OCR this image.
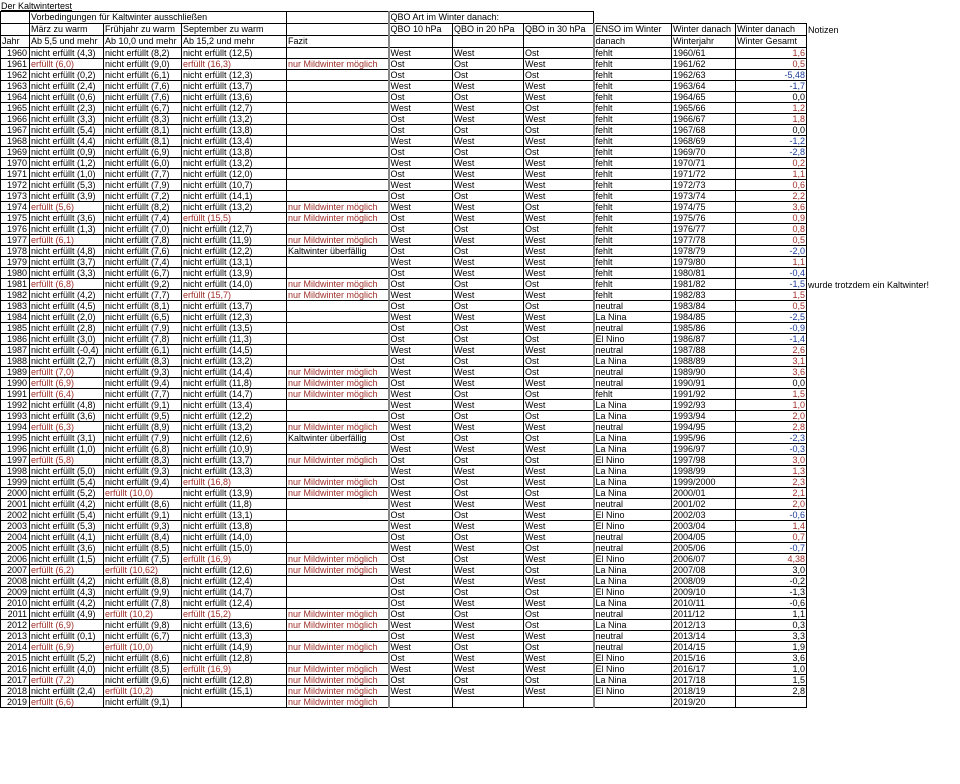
Der Kaltwintertest
	Vorbedingungen für Kaltwinter ausschließen				QBO Art im Winter danach:						
	März zu warm	Frühjahr zu warm	September zu warm		QBO 10 hPa	QBO in 20 hPa	QBO in 30 hPa	ENSO im Winter	Winter danach	Winter danach	Notizen
Jahr	Ab 5,5 und mehr	Ab 10,0 und mehr	Ab 15,2 und mehr	Fazit				danach	Winterjahr	Winter Gesamt	
1960	nicht erfüllt (4,3)	nicht erfüllt (8,2)	nicht erfüllt (12,5)		West	West	Ost	fehlt	1960/61	1,6	
1961	erfüllt (6,0)	nicht erfüllt (9,0)	erfüllt (16,3)	nur Mildwinter möglich	Ost	Ost	West	fehlt	1961/62	0,5	
1962	nicht erfüllt (0,2)	nicht erfüllt (6,1)	nicht erfüllt (12,3)		Ost	Ost	Ost	fehlt	1962/63	-5,48	
1963	nicht erfüllt (2,4)	nicht erfüllt (7,6)	nicht erfüllt (13,7)		West	West	West	fehlt	1963/64	-1,7	
1964	nicht erfüllt (0,6)	nicht erfüllt (7,6)	nicht erfüllt (13,6)		Ost	Ost	West	fehlt	1964/65	0,0	
1965	nicht erfüllt (2,3)	nicht erfüllt (6,7)	nicht erfüllt (12,7)		West	West	Ost	fehlt	1965/66	1,2	
1966	nicht erfüllt (3,3)	nicht erfüllt (8,3)	nicht erfüllt (13,2)		Ost	West	West	fehlt	1966/67	1,8	
1967	nicht erfüllt (5,4)	nicht erfüllt (8,1)	nicht erfüllt (13,8)		Ost	Ost	Ost	fehlt	1967/68	0,0	
1968	nicht erfüllt (4,4)	nicht erfüllt (8,1)	nicht erfüllt (13,4)		West	West	West	fehlt	1968/69	-1,2	
1969	nicht erfüllt (0,9)	nicht erfüllt (6,9)	nicht erfüllt (13,8)		Ost	Ost	Ost	fehlt	1969/70	-2,8	
1970	nicht erfüllt (1,2)	nicht erfüllt (6,0)	nicht erfüllt (13,2)		West	West	West	fehlt	1970/71	0,2	
1971	nicht erfüllt (1,0)	nicht erfüllt (7,7)	nicht erfüllt (12,0)		Ost	West	West	fehlt	1971/72	1,1	
1972	nicht erfüllt (5,3)	nicht erfüllt (7,9)	nicht erfüllt (10,7)		West	West	West	fehlt	1972/73	0,6	
1973	nicht erfüllt (3,9)	nicht erfüllt (7,2)	nicht erfüllt (14,1)		Ost	Ost	West	fehlt	1973/74	2,2	
1974	erfüllt (5,6)	nicht erfüllt (8,2)	nicht erfüllt (13,2)	nur Mildwinter möglich	West	West	Ost	fehlt	1974/75	3,6	
1975	nicht erfüllt (3,6)	nicht erfüllt (7,4)	erfüllt (15,5)	nur Mildwinter möglich	Ost	West	West	fehlt	1975/76	0,9	
1976	nicht erfüllt (1,3)	nicht erfüllt (7,0)	nicht erfüllt (12,7)		Ost	Ost	Ost	fehlt	1976/77	0,8	
1977	erfüllt (6,1)	nicht erfüllt (7,8)	nicht erfüllt (11,9)	nur Mildwinter möglich	West	West	West	fehlt	1977/78	0,5	
1978	nicht erfüllt (4,8)	nicht erfüllt (7,6)	nicht erfüllt (12,2)	Kaltwinter überfällig	Ost	Ost	West	fehlt	1978/79	-2,0	
1979	nicht erfüllt (3,7)	nicht erfüllt (7,4)	nicht erfüllt (13,1)		West	West	West	fehlt	1979/80	1,1	
1980	nicht erfüllt (3,3)	nicht erfüllt (6,7)	nicht erfüllt (13,9)		Ost	West	West	fehlt	1980/81	-0,4	
1981	erfüllt (6,8)	nicht erfüllt (9,2)	nicht erfüllt (14,0)	nur Mildwinter möglich	Ost	Ost	Ost	fehlt	1981/82	-1,5	wurde trotzdem ein Kaltwinter!
1982	nicht erfüllt (4,2)	nicht erfüllt (7,7)	erfüllt (15,7)	nur Mildwinter möglich	West	West	West	fehlt	1982/83	1,5	
1983	nicht erfüllt (4,5)	nicht erfüllt (8,1)	nicht erfüllt (13,7)		Ost	Ost	Ost	neutral	1983/84	0,5	
1984	nicht erfüllt (2,0)	nicht erfüllt (6,5)	nicht erfüllt (12,3)		West	West	West	La Nina	1984/85	-2,5	
1985	nicht erfüllt (2,8)	nicht erfüllt (7,9)	nicht erfüllt (13,5)		Ost	Ost	West	neutral	1985/86	-0,9	
1986	nicht erfüllt (3,0)	nicht erfüllt (7,8)	nicht erfüllt (11,3)		Ost	Ost	Ost	El Nino	1986/87	-1,4	
1987	nicht erfüllt (-0,4)	nicht erfüllt (6,1)	nicht erfüllt (14,5)		West	West	West	neutral	1987/88	2,6	
1988	nicht erfüllt (2,7)	nicht erfüllt (8,3)	nicht erfüllt (13,2)		Ost	Ost	Ost	La Nina	1988/89	3,1	
1989	erfüllt (7,0)	nicht erfüllt (9,3)	nicht erfüllt (14,4)	nur Mildwinter möglich	West	West	Ost	neutral	1989/90	3,6	
1990	erfüllt (6,9)	nicht erfüllt (9,4)	nicht erfüllt (11,8)	nur Mildwinter möglich	Ost	West	West	neutral	1990/91	0,0	
1991	erfüllt (6,4)	nicht erfüllt (7,7)	nicht erfüllt (14,7)	nur Mildwinter möglich	West	Ost	Ost	fehlt	1991/92	1,5	
1992	nicht erfüllt (4,8)	nicht erfüllt (9,1)	nicht erfüllt (13,4)		West	West	West	La Nina	1992/93	1,0	
1993	nicht erfüllt (3,6)	nicht erfüllt (9,5)	nicht erfüllt (12,2)		Ost	Ost	Ost	La Nina	1993/94	2,0	
1994	erfüllt (6,3)	nicht erfüllt (8,9)	nicht erfüllt (13,2)	nur Mildwinter möglich	West	West	West	neutral	1994/95	2,8	
1995	nicht erfüllt (3,1)	nicht erfüllt (7,9)	nicht erfüllt (12,6)	Kaltwinter überfällig	Ost	Ost	Ost	La Nina	1995/96	-2,3	
1996	nicht erfüllt (1,0)	nicht erfüllt (6,8)	nicht erfüllt (10,9)		West	West	West	La Nina	1996/97	-0,3	
1997	erfüllt (5,8)	nicht erfüllt (8,3)	nicht erfüllt (13,7)	nur Mildwinter möglich	Ost	Ost	Ost	El Nino	1997/98	3,0	
1998	nicht erfüllt (5,0)	nicht erfüllt (9,3)	nicht erfüllt (13,3)		West	West	West	La Nina	1998/99	1,3	
1999	nicht erfüllt (5,4)	nicht erfüllt (9,4)	erfüllt (16,8)	nur Mildwinter möglich	Ost	Ost	West	La Nina	1999/2000	2,3	
2000	nicht erfüllt (5,2)	erfüllt (10,0)	nicht erfüllt (13,9)	nur Mildwinter möglich	West	Ost	Ost	La Nina	2000/01	2,1	
2001	nicht erfüllt (4,2)	nicht erfüllt (8,6)	nicht erfüllt (11,8)		West	West	West	neutral	2001/02	2,0	
2002	nicht erfüllt (5,4)	nicht erfüllt (9,1)	nicht erfüllt (13,1)		Ost	Ost	West	El Nino	2002/03	-0,6	
2003	nicht erfüllt (5,3)	nicht erfüllt (9,3)	nicht erfüllt (13,8)		West	West	West	El Nino	2003/04	1,4	
2004	nicht erfüllt (4,1)	nicht erfüllt (8,4)	nicht erfüllt (14,0)		Ost	Ost	West	neutral	2004/05	0,7	
2005	nicht erfüllt (3,6)	nicht erfüllt (8,5)	nicht erfüllt (15,0)		West	West	Ost	neutral	2005/06	-0,7	
2006	nicht erfüllt (1,5)	nicht erfüllt (7,5)	erfüllt (16,9)	nur Mildwinter möglich	Ost	Ost	West	El Nino	2006/07	4,38	
2007	erfüllt (6,2)	erfüllt (10,62)	nicht erfüllt (12,6)	nur Mildwinter möglich	West	West	Ost	La Nina	2007/08	3,0	
2008	nicht erfüllt (4,2)	nicht erfüllt (8,8)	nicht erfüllt (12,4)		Ost	West	West	La Nina	2008/09	-0,2	
2009	nicht erfüllt (4,3)	nicht erfüllt (9,9)	nicht erfüllt (14,7)		Ost	Ost	Ost	El Nino	2009/10	-1,3	
2010	nicht erfüllt (4,2)	nicht erfüllt (7,8)	nicht erfüllt (12,4)		Ost	West	West	La Nina	2010/11	-0,6	
2011	nicht erfüllt (4,9)	erfüllt (10,2)	erfüllt (15,2)	nur Mildwinter möglich	Ost	Ost	Ost	neutral	2011/12	1,1	
2012	erfüllt (6,9)	nicht erfüllt (9,8)	nicht erfüllt (13,6)	nur Mildwinter möglich	West	West	Ost	La Nina	2012/13	0,3	
2013	nicht erfüllt (0,1)	nicht erfüllt (6,7)	nicht erfüllt (13,3)		Ost	West	West	neutral	2013/14	3,3	
2014	erfüllt (6,9)	erfüllt (10,0)	nicht erfüllt (14,9)	nur Mildwinter möglich	West	Ost	Ost	neutral	2014/15	1,9	
2015	nicht erfüllt (5,2)	nicht erfüllt (8,6)	nicht erfüllt (12,8)		Ost	West	West	El Nino	2015/16	3,6	
2016	nicht erfüllt (4,0)	nicht erfüllt (8,5)	erfüllt (16,9)	nur Mildwinter möglich	West	West	West	El Nino	2016/17	1,0	
2017	erfüllt (7,2)	nicht erfüllt (9,6)	nicht erfüllt (12,8)	nur Mildwinter möglich	Ost	Ost	Ost	La Nina	2017/18	1,5	
2018	nicht erfüllt (2,4)	erfüllt (10,2)	nicht erfüllt (15,1)	nur Mildwinter möglich	West	West	West	El Nino	2018/19	2,8	
2019	erfüllt (6,6)	nicht erfüllt (9,1)		nur Mildwinter möglich					2019/20		
